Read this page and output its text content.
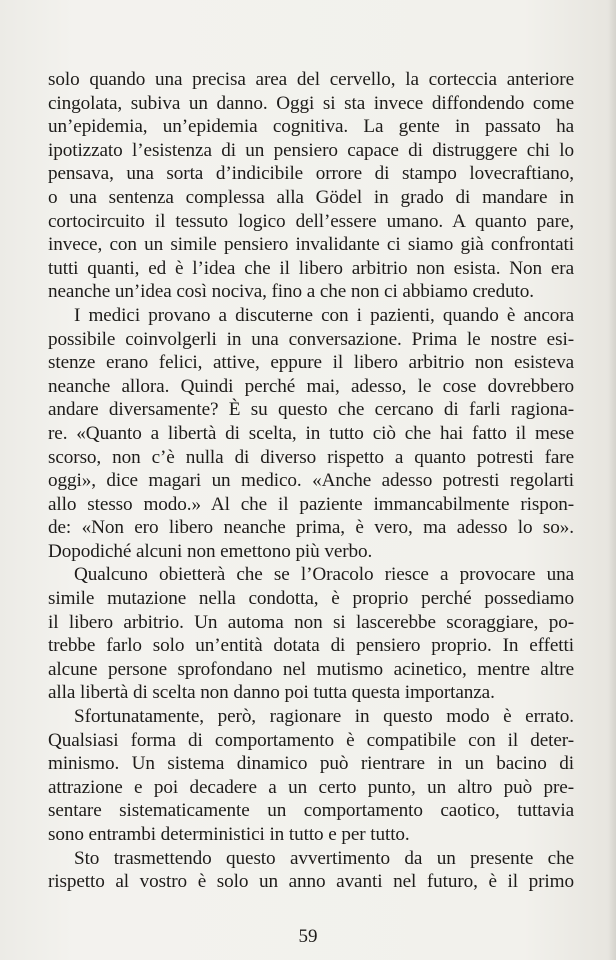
solo quando una precisa area del cervello, la corteccia anteriore
cingolata, subiva un danno. Oggi si sta invece diffondendo come
un’epidemia, un’epidemia cognitiva. La gente in passato ha
ipotizzato l’esistenza di un pensiero capace di distruggere chi lo
pensava, una sorta d’indicibile orrore di stampo lovecraftiano,
o una sentenza complessa alla Gödel in grado di mandare in
cortocircuito il tessuto logico dell’essere umano. A quanto pare,
invece, con un simile pensiero invalidante ci siamo già confrontati
tutti quanti, ed è l’idea che il libero arbitrio non esista. Non era
neanche un’idea così nociva, fino a che non ci abbiamo creduto.
I medici provano a discuterne con i pazienti, quando è ancora
possibile coinvolgerli in una conversazione. Prima le nostre esi-
stenze erano felici, attive, eppure il libero arbitrio non esisteva
neanche allora. Quindi perché mai, adesso, le cose dovrebbero
andare diversamente? È su questo che cercano di farli ragiona-
re. «Quanto a libertà di scelta, in tutto ciò che hai fatto il mese
scorso, non c’è nulla di diverso rispetto a quanto potresti fare
oggi», dice magari un medico. «Anche adesso potresti regolarti
allo stesso modo.» Al che il paziente immancabilmente rispon-
de: «Non ero libero neanche prima, è vero, ma adesso lo so».
Dopodiché alcuni non emettono più verbo.
Qualcuno obietterà che se l’Oracolo riesce a provocare una
simile mutazione nella condotta, è proprio perché possediamo
il libero arbitrio. Un automa non si lascerebbe scoraggiare, po-
trebbe farlo solo un’entità dotata di pensiero proprio. In effetti
alcune persone sprofondano nel mutismo acinetico, mentre altre
alla libertà di scelta non danno poi tutta questa importanza.
Sfortunatamente, però, ragionare in questo modo è errato.
Qualsiasi forma di comportamento è compatibile con il deter-
minismo. Un sistema dinamico può rientrare in un bacino di
attrazione e poi decadere a un certo punto, un altro può pre-
sentare sistematicamente un comportamento caotico, tuttavia
sono entrambi deterministici in tutto e per tutto.
Sto trasmettendo questo avvertimento da un presente che
rispetto al vostro è solo un anno avanti nel futuro, è il primo
59
